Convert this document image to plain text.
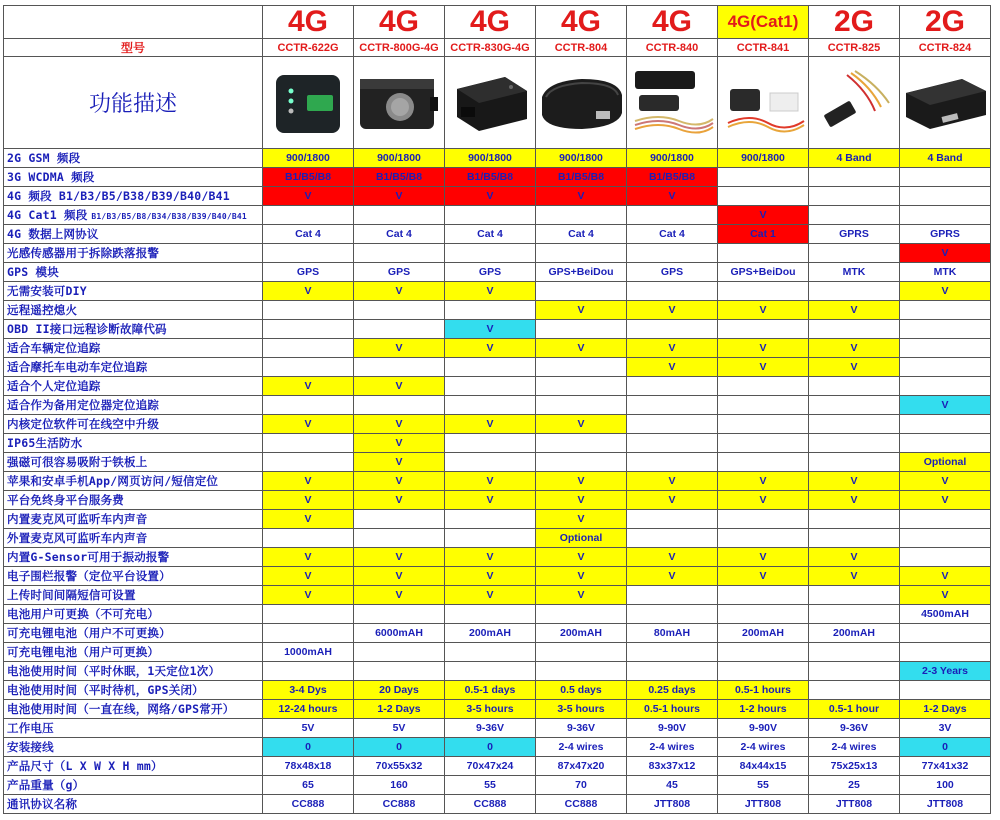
	4G	4G	4G	4G	4G	4G(Cat1)	2G	2G
型号	CCTR-622G	CCTR-800G-4G	CCTR-830G-4G	CCTR-804	CCTR-840	CCTR-841	CCTR-825	CCTR-824
功能描述	

2G GSM 频段	900/1800	900/1800	900/1800	900/1800	900/1800	900/1800	4 Band	4 Band
3G WCDMA 频段	B1/B5/B8	B1/B5/B8	B1/B5/B8	B1/B5/B8	B1/B5/B8			
4G 频段 B1/B3/B5/B38/B39/B40/B41	V	V	V	V	V			
4G Cat1 频段 B1/B3/B5/B8/B34/B38/B39/B40/B41						V		
4G 数据上网协议	Cat 4	Cat 4	Cat 4	Cat 4	Cat 4	Cat 1	GPRS	GPRS
光感传感器用于拆除跌落报警								V
GPS 模块	GPS	GPS	GPS	GPS+BeiDou	GPS	GPS+BeiDou	MTK	MTK
无需安装可DIY	V	V	V					V
远程遥控熄火				V	V	V	V	
OBD II接口远程诊断故障代码			V					
适合车辆定位追踪		V	V	V	V	V	V	
适合摩托车电动车定位追踪					V	V	V	
适合个人定位追踪	V	V						
适合作为备用定位器定位追踪								V
内核定位软件可在线空中升级	V	V	V	V				
IP65生活防水		V						
强磁可很容易吸附于铁板上		V						Optional
苹果和安卓手机App/网页访问/短信定位	V	V	V	V	V	V	V	V
平台免终身平台服务费	V	V	V	V	V	V	V	V
内置麦克风可监听车内声音	V			V				
外置麦克风可监听车内声音				Optional				
内置G-Sensor可用于振动报警	V	V	V	V	V	V	V	
电子围栏报警（定位平台设置）	V	V	V	V	V	V	V	V
上传时间间隔短信可设置	V	V	V	V				V
电池用户可更换（不可充电）								4500mAH
可充电锂电池（用户不可更换）		6000mAH	200mAH	200mAH	80mAH	200mAH	200mAH	
可充电锂电池（用户可更换）	1000mAH							
电池使用时间（平时休眠，1天定位1次）								2-3 Years
电池使用时间（平时待机，GPS关闭）	3-4 Dys	20 Days	0.5-1 days	0.5 days	0.25 days	0.5-1 hours		
电池使用时间（一直在线，网络/GPS常开）	12-24 hours	1-2 Days	3-5 hours	3-5 hours	0.5-1 hours	1-2 hours	0.5-1 hour	1-2 Days
工作电压	5V	5V	9-36V	9-36V	9-90V	9-90V	9-36V	3V
安装接线	0	0	0	2-4 wires	2-4 wires	2-4 wires	2-4 wires	0
产品尺寸（L X W X H mm）	78x48x18	70x55x32	70x47x24	87x47x20	83x37x12	84x44x15	75x25x13	77x41x32
产品重量（g）	65	160	55	70	45	55	25	100
通讯协议名称	CC888	CC888	CC888	CC888	JTT808	JTT808	JTT808	JTT808
